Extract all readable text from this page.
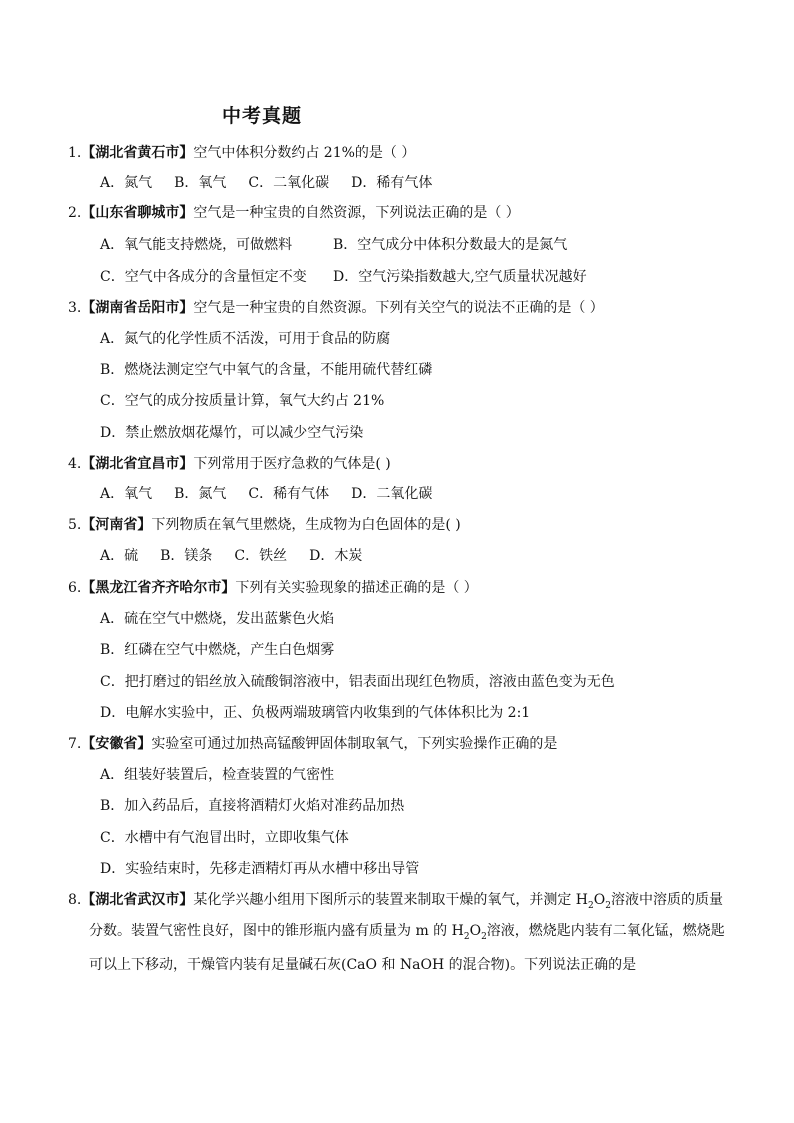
中考真题
1.【湖北省黄石市】空气中体积分数约占 21%的是（ ）
A．氮气 B．氧气 C．二氧化碳 D．稀有气体
2.【山东省聊城市】空气是一种宝贵的自然资源，下列说法正确的是（ ）
A．氧气能支持燃烧，可做燃料	B．空气成分中体积分数最大的是氮气
C．空气中各成分的含量恒定不变 D．空气污染指数越大,空气质量状况越好
3.【湖南省岳阳市】空气是一种宝贵的自然资源。下列有关空气的说法不正确的是（ ）
A．氮气的化学性质不活泼，可用于食品的防腐
B．燃烧法测定空气中氧气的含量，不能用硫代替红磷
C．空气的成分按质量计算，氧气大约占 21%
D．禁止燃放烟花爆竹，可以减少空气污染
4.【湖北省宜昌市】下列常用于医疗急救的气体是( )
A．氧气 B．氮气 C．稀有气体 D．二氧化碳
5.【河南省】下列物质在氧气里燃烧，生成物为白色固体的是( )
A．硫 B．镁条 C．铁丝 D．木炭
6.【黑龙江省齐齐哈尔市】下列有关实验现象的描述正确的是（ ）
A．硫在空气中燃烧，发出蓝紫色火焰
B．红磷在空气中燃烧，产生白色烟雾
C．把打磨过的铝丝放入硫酸铜溶液中，铝表面出现红色物质，溶液由蓝色变为无色
D．电解水实验中，正、负极两端玻璃管内收集到的气体体积比为 2:1
7.【安徽省】实验室可通过加热高锰酸钾固体制取氧气，下列实验操作正确的是
A．组装好装置后，检查装置的气密性
B．加入药品后，直接将酒精灯火焰对准药品加热
C．水槽中有气泡冒出时，立即收集气体
D．实验结束时，先移走酒精灯再从水槽中移出导管
8.【湖北省武汉市】某化学兴趣小组用下图所示的装置来制取干燥的氧气，并测定 $H_2O_2$溶液中溶质的质量
分数。装置气密性良好，图中的锥形瓶内盛有质量为 m 的 $H_2O_2$溶液，燃烧匙内装有二氧化锰，燃烧匙
可以上下移动，干燥管内装有足量碱石灰(CaO 和 NaOH 的混合物)。下列说法正确的是
